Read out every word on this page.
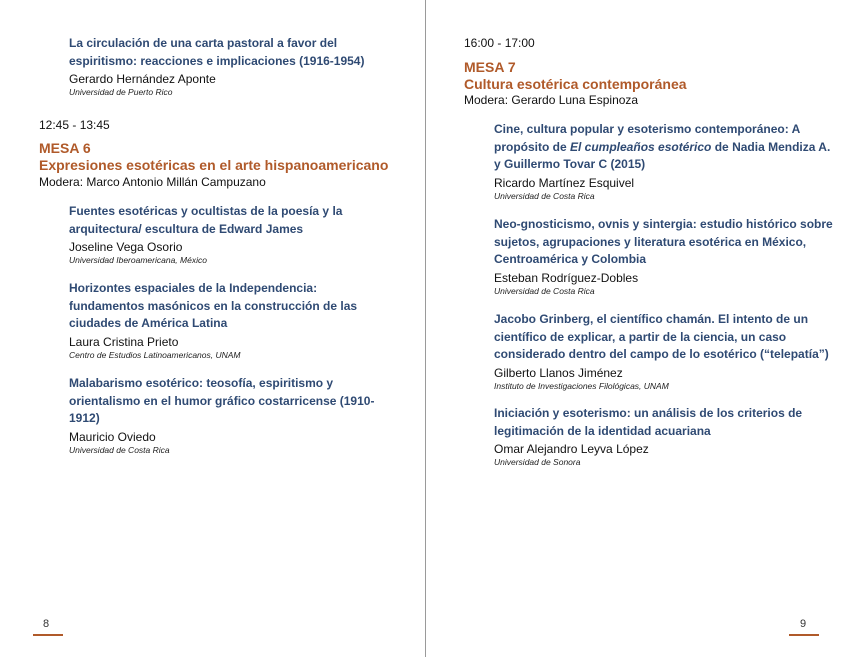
La circulación de una carta pastoral a favor del espiritismo: reacciones e implicaciones (1916-1954)

Gerardo Hernández Aponte
Universidad de Puerto Rico
12:45 - 13:45
MESA 6
Expresiones esotéricas en el arte hispanoamericano
Modera: Marco Antonio Millán Campuzano

Fuentes esotéricas y ocultistas de la poesía y la arquitectura/ escultura de Edward James

Joseline Vega Osorio
Universidad Iberoamericana, México

Horizontes espaciales de la Independencia: fundamentos masónicos en la construcción de las ciudades de América Latina

Laura Cristina Prieto
Centro de Estudios Latinoamericanos, UNAM

Malabarismo esotérico: teosofía, espiritismo y orientalismo en el humor gráfico costarricense (1910-1912)

Mauricio Oviedo
Universidad de Costa Rica
8
16:00 - 17:00
MESA 7
Cultura esotérica contemporánea
Modera: Gerardo Luna Espinoza

Cine, cultura popular y esoterismo contemporáneo: A propósito de El cumpleaños esotérico de Nadia Mendiza A. y Guillermo Tovar C (2015)

Ricardo Martínez Esquivel
Universidad de Costa Rica

Neo-gnosticismo, ovnis y sintergia: estudio histórico sobre sujetos, agrupaciones y literatura esotérica en México, Centroamérica y Colombia

Esteban Rodríguez-Dobles
Universidad de Costa Rica

Jacobo Grinberg, el científico chamán. El intento de un científico de explicar, a partir de la ciencia, un caso considerado dentro del campo de lo esotérico (“telepatía”)

Gilberto Llanos Jiménez
Instituto de Investigaciones Filológicas, UNAM

Iniciación y esoterismo: un análisis de los criterios de legitimación de la identidad acuariana

Omar Alejandro Leyva López
Universidad de Sonora
9
